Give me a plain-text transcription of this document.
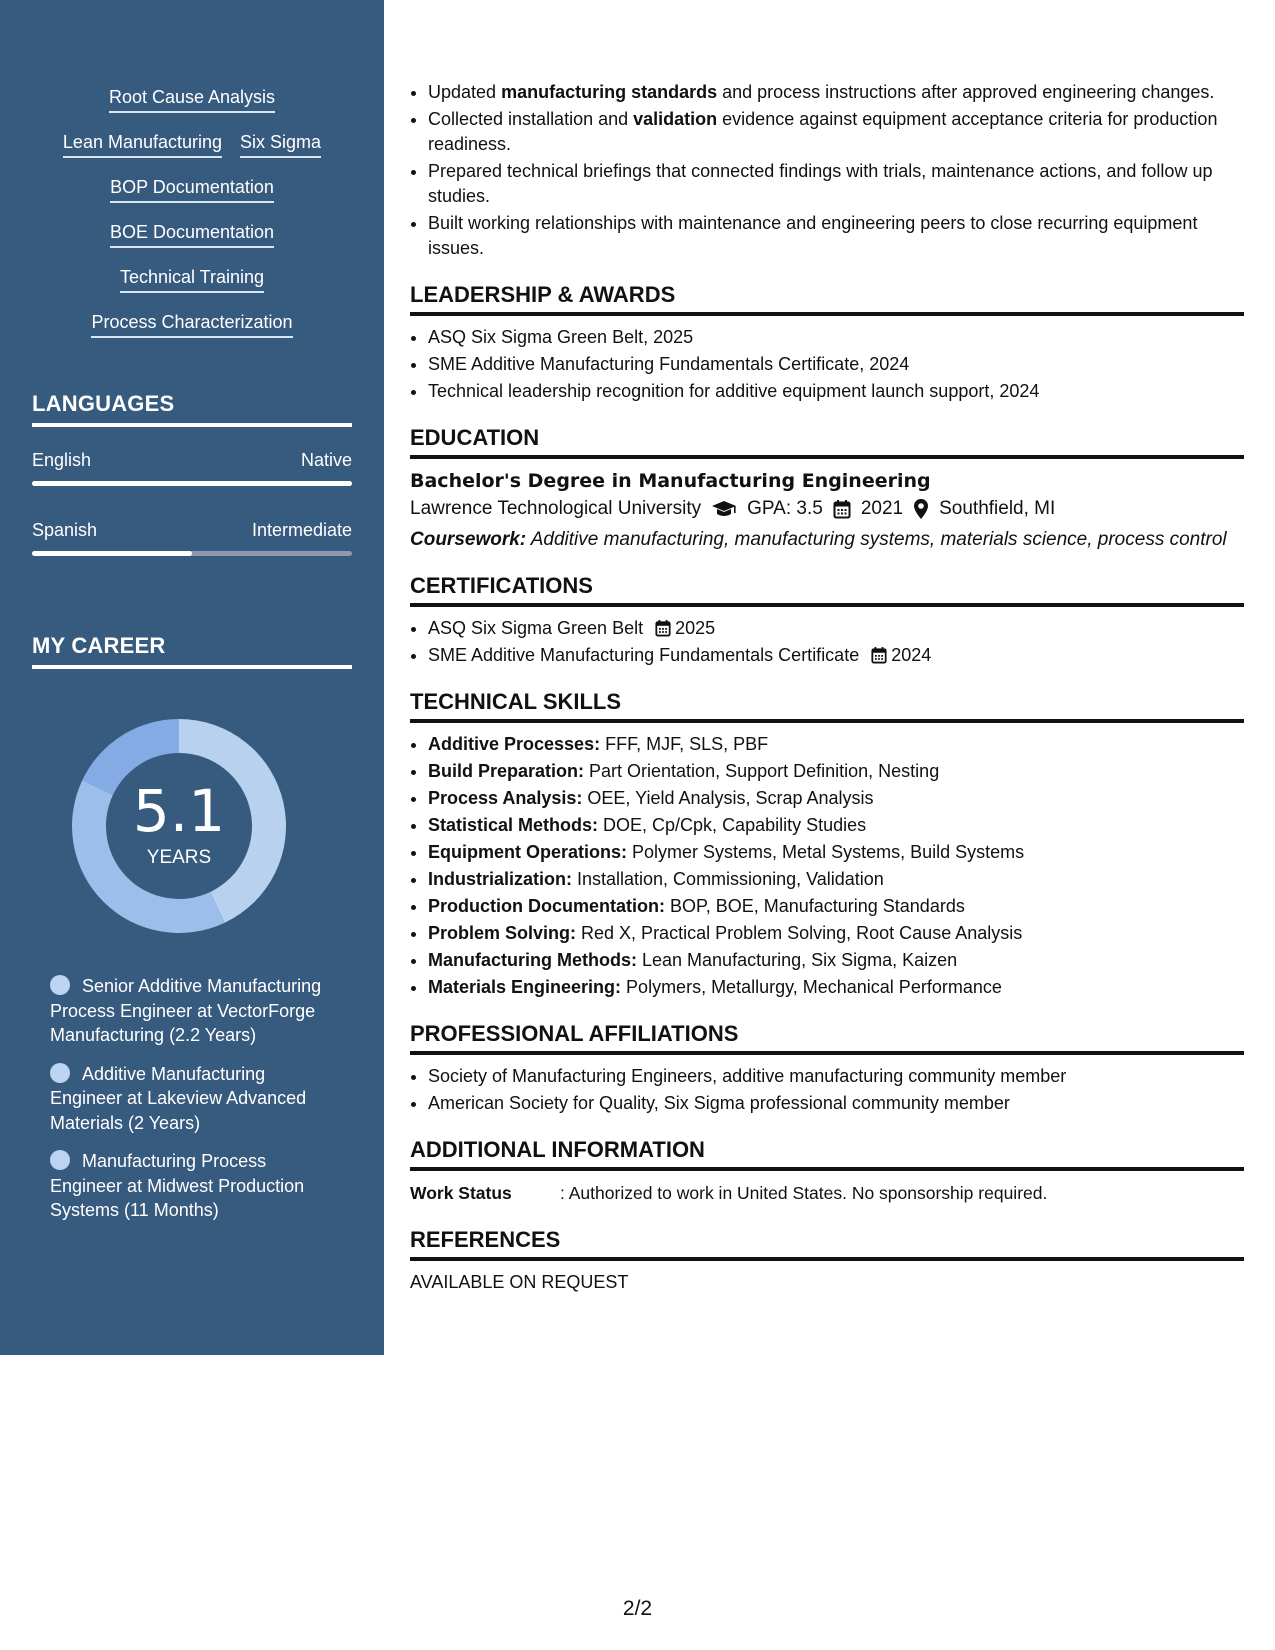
Root Cause Analysis
Lean Manufacturing Six Sigma
BOP Documentation
BOE Documentation
Technical Training
Process Characterization
LANGUAGES
English	Native
Spanish	Intermediate
MY CAREER
5.1
YEARS
Senior Additive Manufacturing Process Engineer at VectorForge Manufacturing (2.2 Years)
Additive Manufacturing Engineer at Lakeview Advanced Materials (2 Years)
Manufacturing Process Engineer at Midwest Production Systems (11 Months)
• Updated manufacturing standards and process instructions after approved engineering changes.
• Collected installation and validation evidence against equipment acceptance criteria for production readiness.
• Prepared technical briefings that connected findings with trials, maintenance actions, and follow up studies.
• Built working relationships with maintenance and engineering peers to close recurring equipment issues.
LEADERSHIP & AWARDS
• ASQ Six Sigma Green Belt, 2025
• SME Additive Manufacturing Fundamentals Certificate, 2024
• Technical leadership recognition for additive equipment launch support, 2024
EDUCATION
Bachelor's Degree in Manufacturing Engineering
Lawrence Technological University GPA: 3.5 2021 Southfield, MI
Coursework: Additive manufacturing, manufacturing systems, materials science, process control
CERTIFICATIONS
• ASQ Six Sigma Green Belt 2025
• SME Additive Manufacturing Fundamentals Certificate 2024
TECHNICAL SKILLS
• Additive Processes: FFF, MJF, SLS, PBF
• Build Preparation: Part Orientation, Support Definition, Nesting
• Process Analysis: OEE, Yield Analysis, Scrap Analysis
• Statistical Methods: DOE, Cp/Cpk, Capability Studies
• Equipment Operations: Polymer Systems, Metal Systems, Build Systems
• Industrialization: Installation, Commissioning, Validation
• Production Documentation: BOP, BOE, Manufacturing Standards
• Problem Solving: Red X, Practical Problem Solving, Root Cause Analysis
• Manufacturing Methods: Lean Manufacturing, Six Sigma, Kaizen
• Materials Engineering: Polymers, Metallurgy, Mechanical Performance
PROFESSIONAL AFFILIATIONS
• Society of Manufacturing Engineers, additive manufacturing community member
• American Society for Quality, Six Sigma professional community member
ADDITIONAL INFORMATION
Work Status	: Authorized to work in United States. No sponsorship required.
REFERENCES
AVAILABLE ON REQUEST
2/2
